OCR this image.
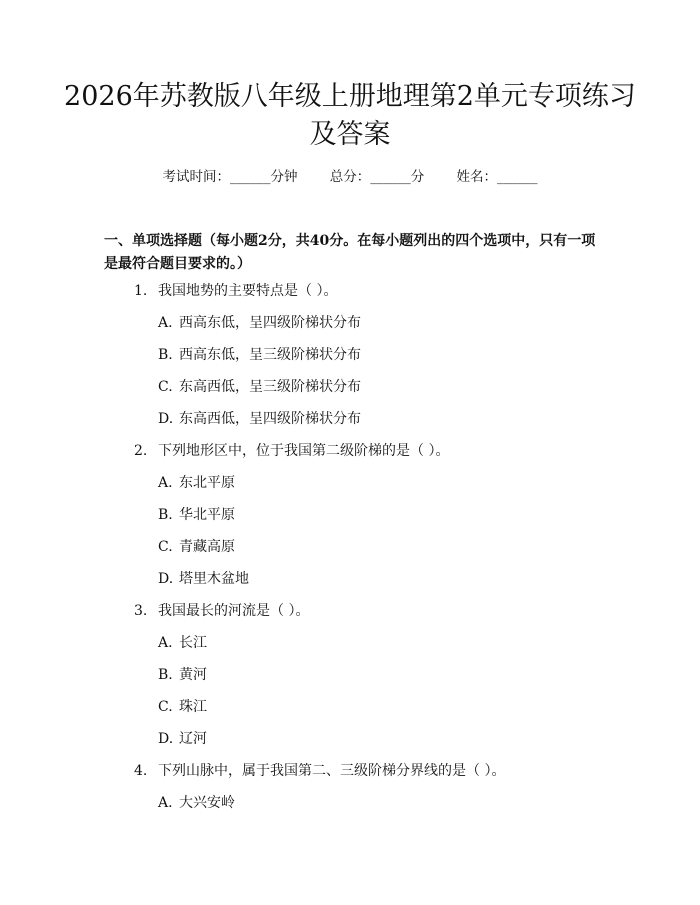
2026年苏教版八年级上册地理第2单元专项练习及答案
考试时间：______分钟 总分：______分 姓名：______

一、单项选择题（每小题2分，共40分。在每小题列出的四个选项中，只有一项是最符合题目要求的。）

1. 我国地势的主要特点是（ ）。
A. 西高东低，呈四级阶梯状分布
B. 西高东低，呈三级阶梯状分布
C. 东高西低，呈三级阶梯状分布
D. 东高西低，呈四级阶梯状分布
2. 下列地形区中，位于我国第二级阶梯的是（ ）。
A. 东北平原
B. 华北平原
C. 青藏高原
D. 塔里木盆地
3. 我国最长的河流是（ ）。
A. 长江
B. 黄河
C. 珠江
D. 辽河
4. 下列山脉中，属于我国第二、三级阶梯分界线的是（ ）。
A. 大兴安岭
